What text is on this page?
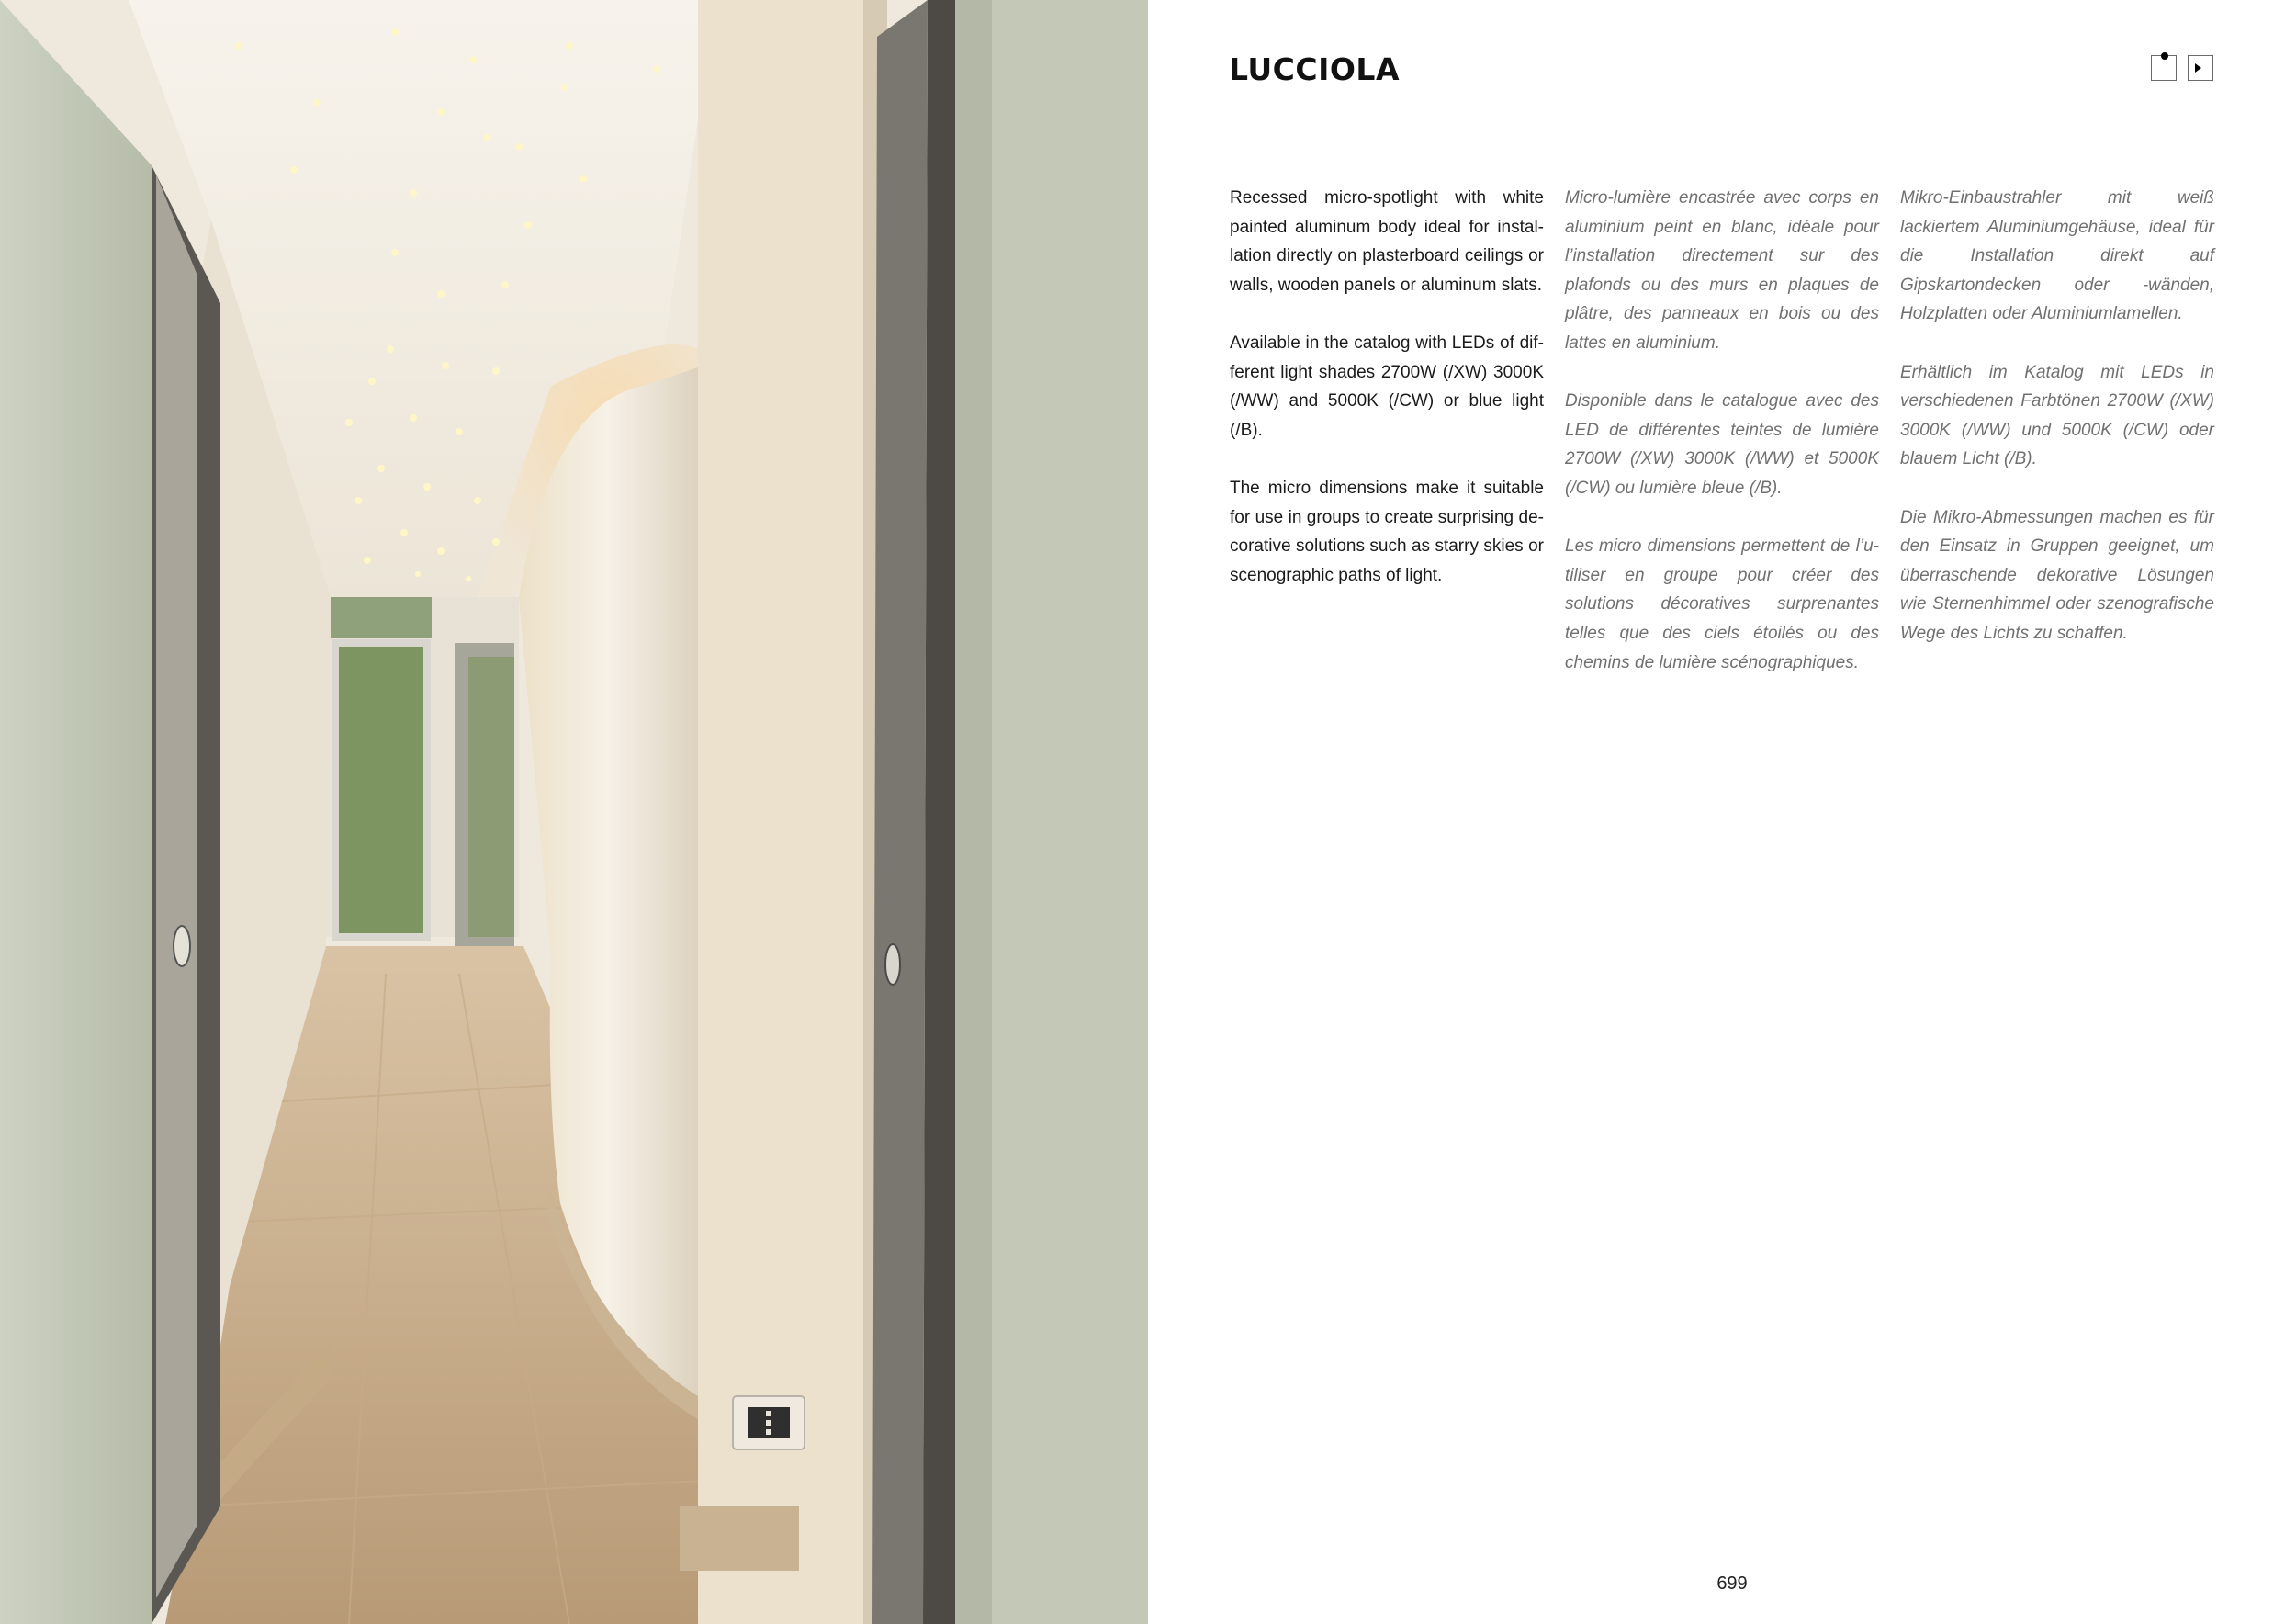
LUCCIOLA

Recessed micro-spotlight with white painted aluminum body ideal for installation directly on plasterboard ceilings or walls, wooden panels or aluminum slats.

Available in the catalog with LEDs of different light shades 2700W (/XW) 3000K (/WW) and 5000K (/CW) or blue light (/B).

The micro dimensions make it suitable for use in groups to create surprising decorative solutions such as starry skies or scenographic paths of light.

Micro-lumière encastrée avec corps en aluminium peint en blanc, idéale pour l’installation directement sur des plafonds ou des murs en plaques de plâtre, des panneaux en bois ou des lattes en aluminium.

Disponible dans le catalogue avec des LED de différentes teintes de lumière 2700W (/XW) 3000K (/WW) et 5000K (/CW) ou lumière bleue (/B).

Les micro dimensions permettent de l’utiliser en groupe pour créer des solutions décoratives surprenantes telles que des ciels étoilés ou des chemins de lumière scénographiques.

Mikro-Einbaustrahler mit weiß lackiertem Aluminiumgehäuse, ideal für die Installation direkt auf Gipskartondecken oder -wänden, Holzplatten oder Aluminiumlamellen.

Erhältlich im Katalog mit LEDs in verschiedenen Farbtönen 2700W (/XW) 3000K (/WW) und 5000K (/CW) oder blauem Licht (/B).

Die Mikro-Abmessungen machen es für den Einsatz in Gruppen geeignet, um überraschende dekorative Lösungen wie Sternenhimmel oder szenografische Wege des Lichts zu schaffen.

699
